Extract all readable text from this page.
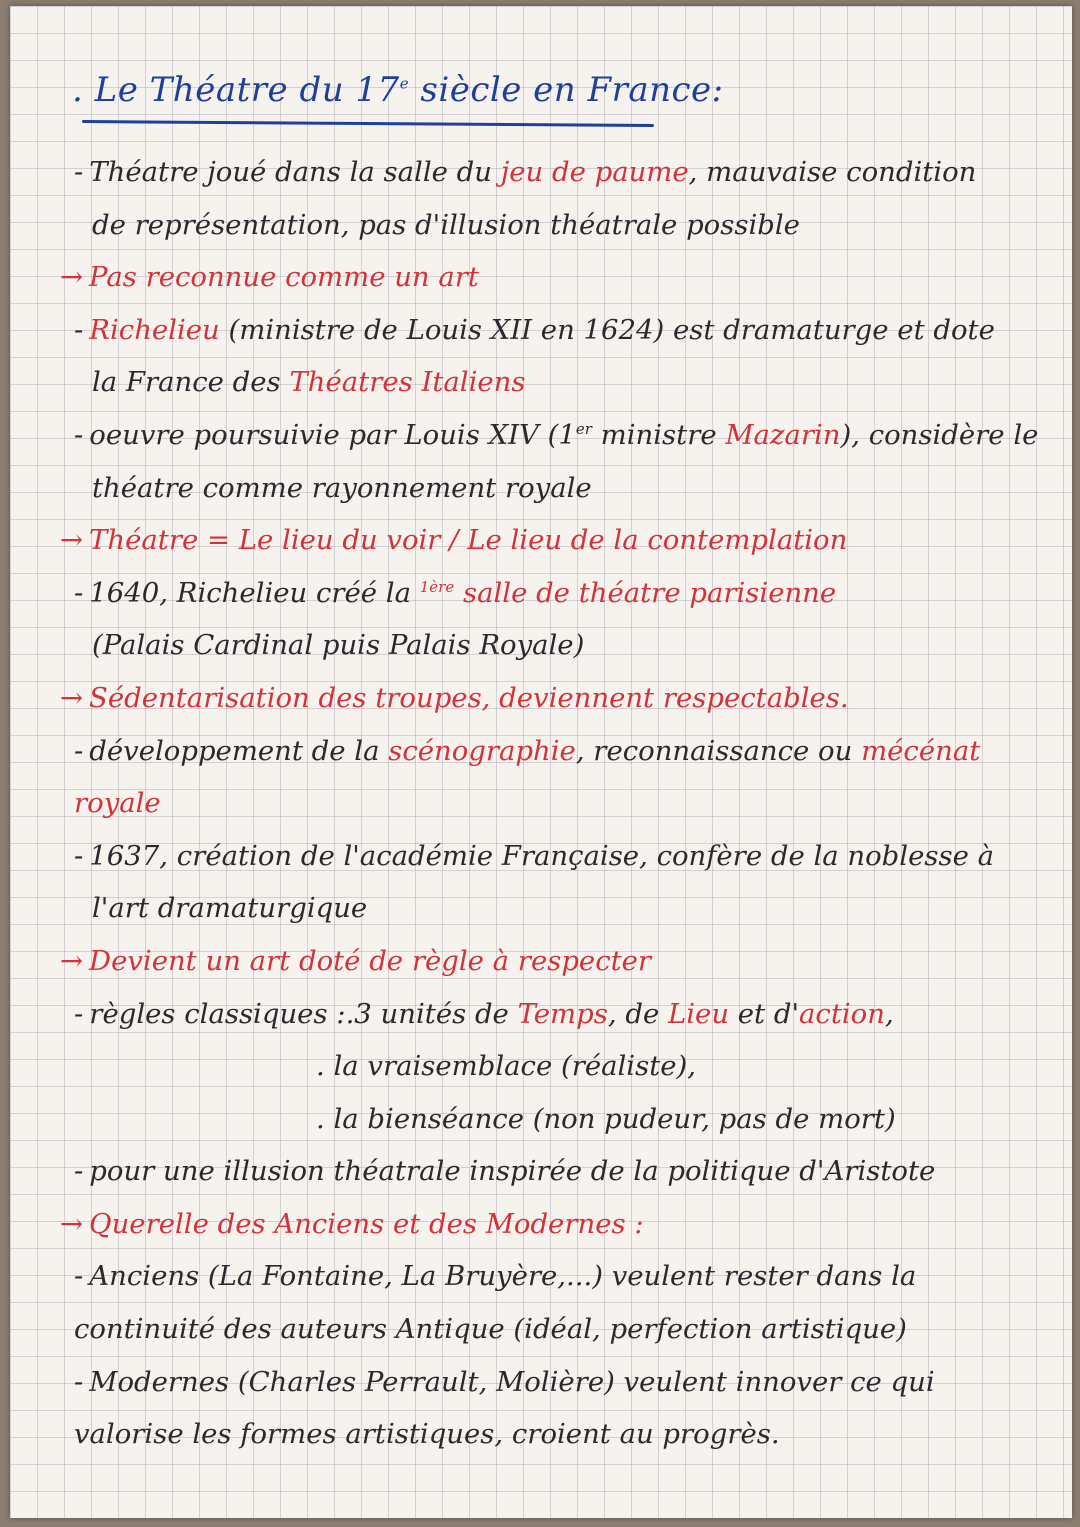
. Le Théatre du 17e siècle en France:
- Théatre joué dans la salle du jeu de paume, mauvaise condition
de représentation, pas d'illusion théatrale possible
→ Pas reconnue comme un art
- Richelieu (ministre de Louis XII en 1624) est dramaturge et dote
la France des Théatres Italiens
- oeuvre poursuivie par Louis XIV (1er ministre Mazarin), considère le
théatre comme rayonnement royale
→ Théatre = Le lieu du voir / Le lieu de la contemplation
- 1640, Richelieu créé la $^{1ère}$ salle de théatre parisienne
(Palais Cardinal puis Palais Royale)
→ Sédentarisation des troupes, deviennent respectables.
- développement de la scénographie, reconnaissance ou mécénat
royale
- 1637, création de l'académie Française, confère de la noblesse à
l'art dramaturgique
→ Devient un art doté de règle à respecter
- règles classiques :.3 unités de Temps, de Lieu et d'action,
. la vraisemblace (réaliste),
. la bienséance (non pudeur, pas de mort)
- pour une illusion théatrale inspirée de la politique d'Aristote
→ Querelle des Anciens et des Modernes :
- Anciens (La Fontaine, La Bruyère,...) veulent rester dans la
continuité des auteurs Antique (idéal, perfection artistique)
- Modernes (Charles Perrault, Molière) veulent innover ce qui
valorise les formes artistiques, croient au progrès.
